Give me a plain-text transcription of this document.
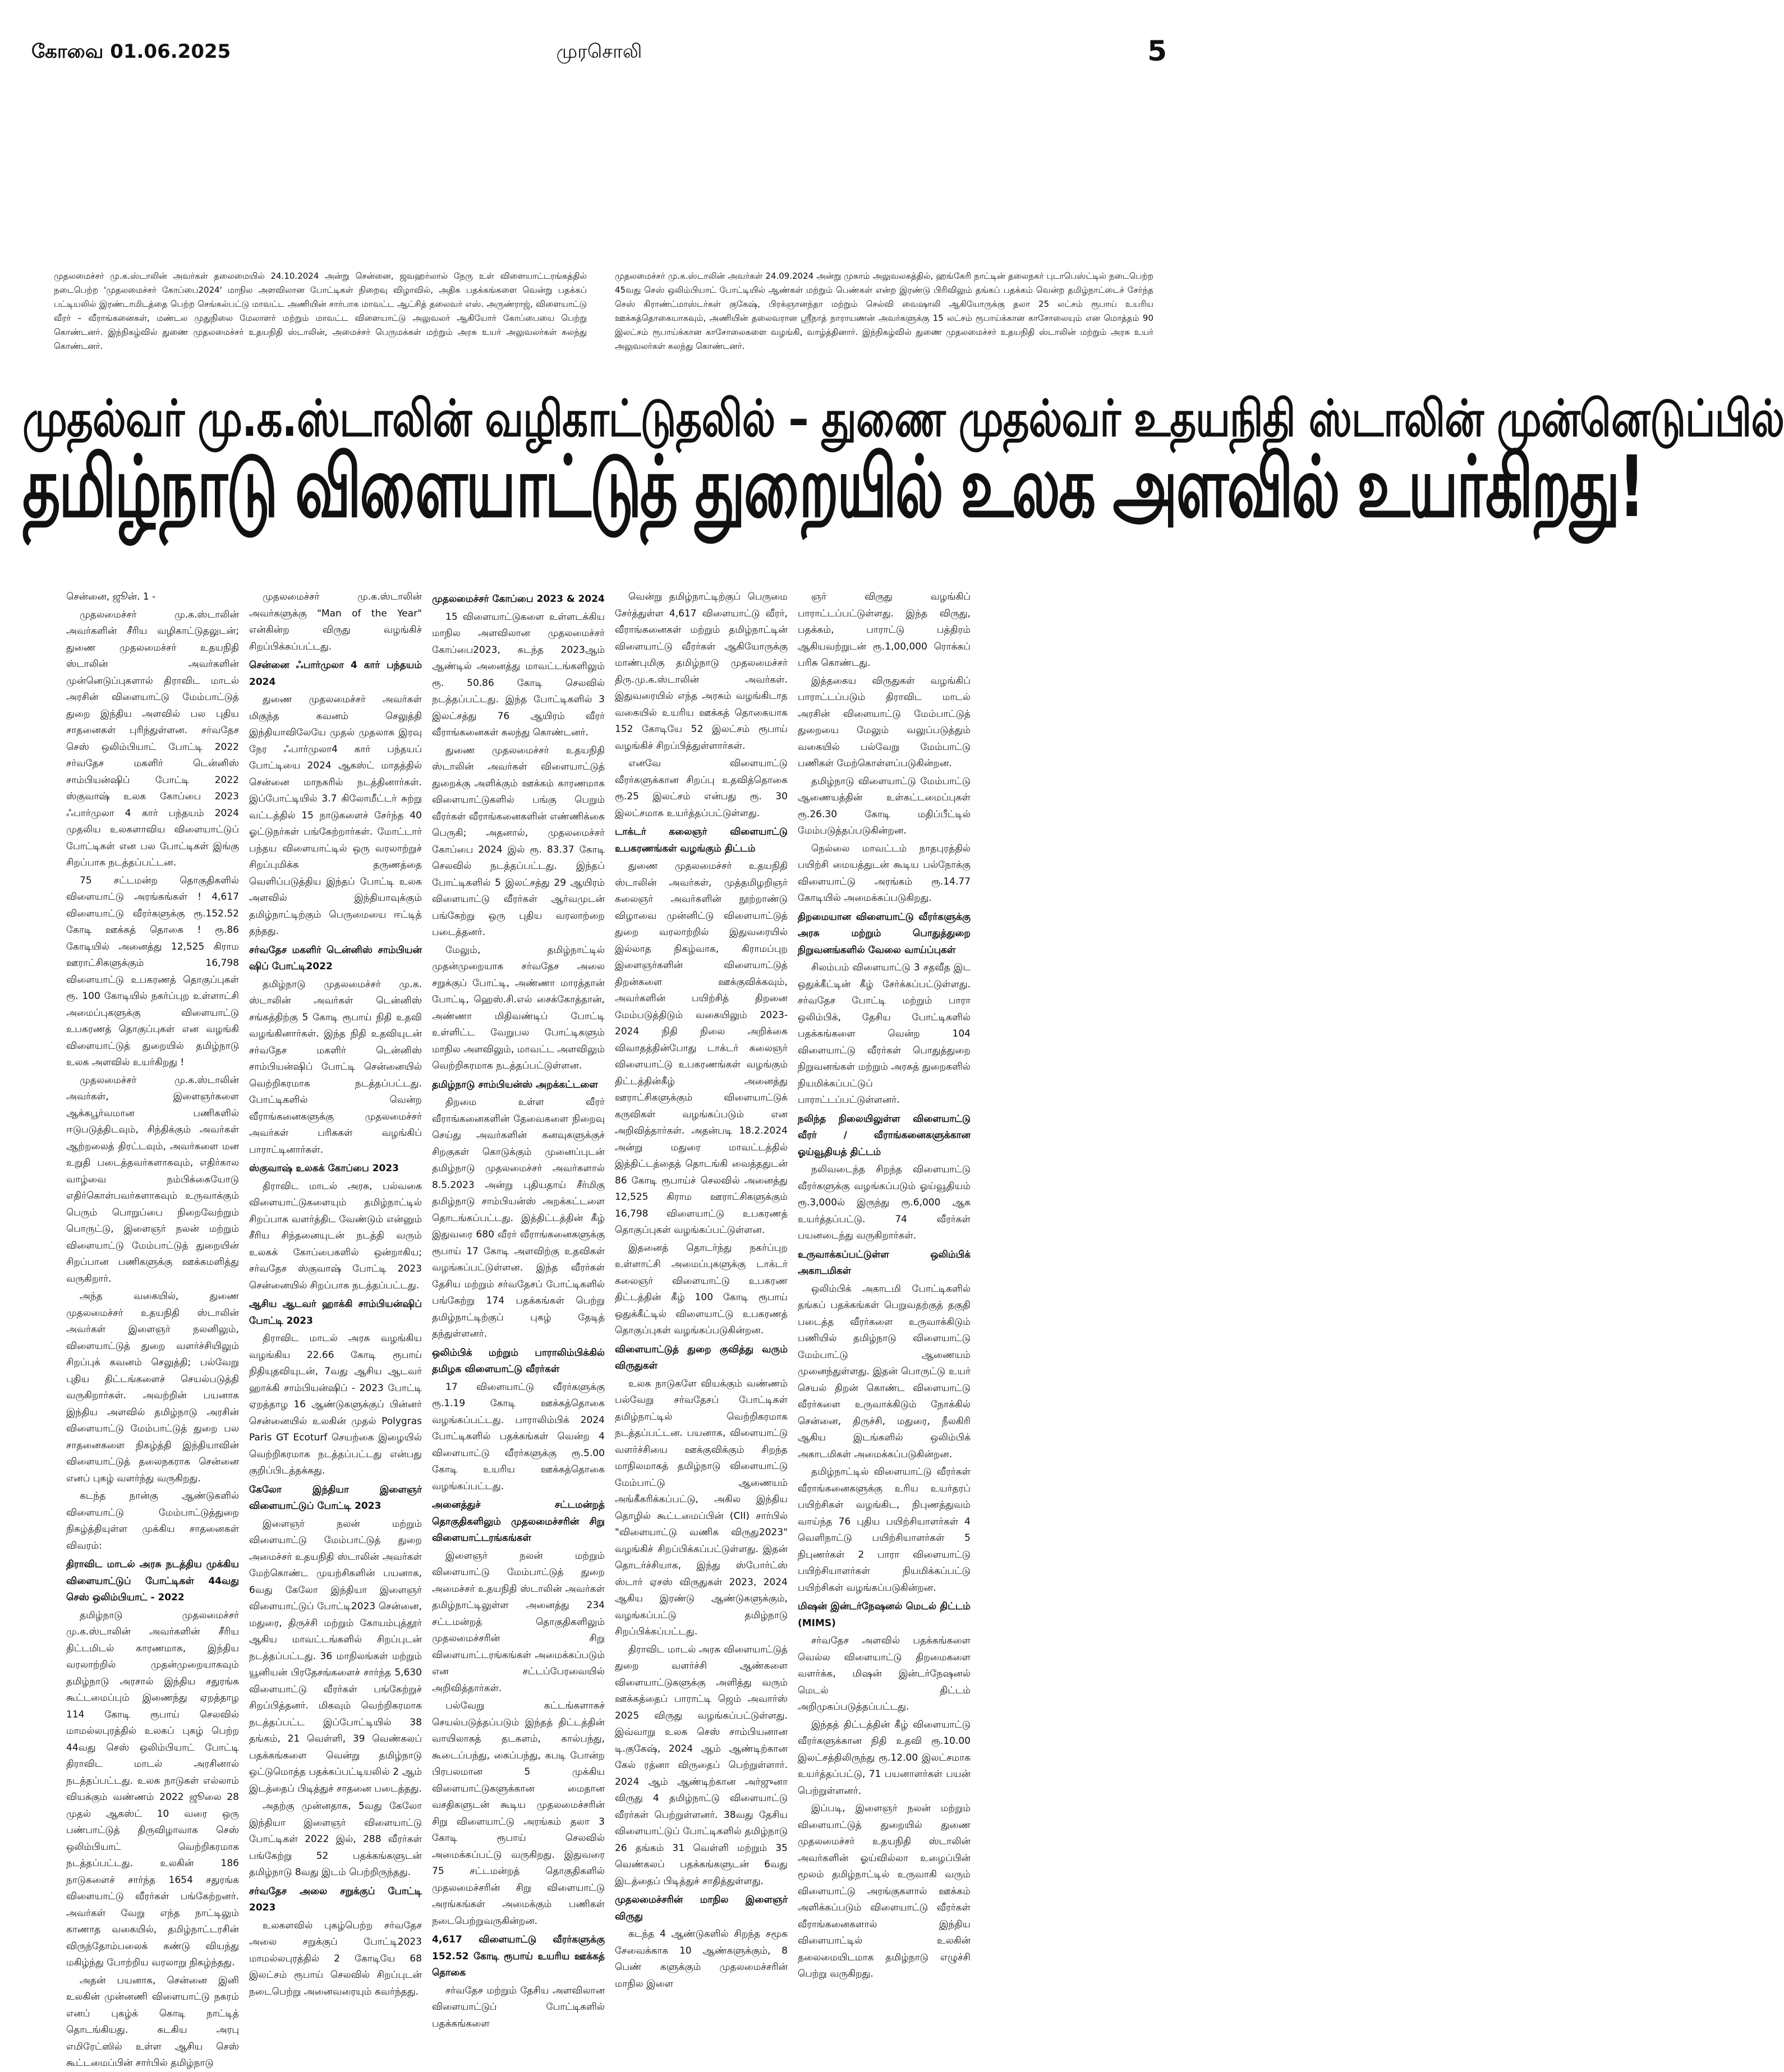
கோவை 01.06.2025	முரசொலி	5
முதலமைச்சர் மு.க.ஸ்டாலின் அவர்கள் தலைமையில் 24.10.2024 அன்று சென்னை, ஜவஹர்லால் நேரு உள் விளையாட்டரங்கத்தில் நடைபெற்ற 'முதலமைச்சர் கோப்பை2024' மாநில அளவிலான போட்டிகள் நிறைவு விழாவில், அதிக பதக்கங்களை வென்று பதக்கப் பட்டியலில் இரண்டாமிடத்தை பெற்ற செங்கல்பட்டு மாவட்ட அணியின் சார்பாக மாவட்ட ஆட்சித் தலைவர் எஸ். அருண்ராஜ், விளையாட்டு வீரர் – வீராங்கனைகள், மண்டல முதுநிலை மேலாளர் மற்றும் மாவட்ட விளையாட்டு அலுவலர் ஆகியோர் கோப்பையை பெற்று கொண்டனர். இந்நிகழ்வில் துணை முதலமைச்சர் உதயநிதி ஸ்டாலின், அமைச்சர் பெருமக்கள் மற்றும் அரசு உயர் அலுவலர்கள் கலந்து கொண்டனர்.
முதலமைச்சர் மு.க.ஸ்டாலின் அவர்கள் 24.09.2024 அன்று முகாம் அலுவலகத்தில், ஹங்கேரி நாட்டின் தலைநகர் புடாபெஸ்ட்டில் நடைபெற்ற 45வது செஸ் ஒலிம்பியாட் போட்டியில் ஆண்கள் மற்றும் பெண்கள் என்ற இரண்டு பிரிவிலும் தங்கப் பதக்கம் வென்ற தமிழ்நாட்டைச் சேர்ந்த செஸ் கிராண்ட்மாஸ்டர்கள் குகேஷ், பிரக்ஞானந்தா மற்றும் செல்வி வைஷாலி ஆகியோருக்கு தலா 25 லட்சம் ரூபாய் உயரிய ஊக்கத்தொகையாகவும், அணியின் தலைவரான ஸ்ரீநாத் நாராயணன் அவர்களுக்கு 15 லட்சம் ரூபாய்க்கான காசோலையும் என மொத்தம் 90 இலட்சம் ரூபாய்க்கான காசோலைகளை வழங்கி, வாழ்த்தினார். இந்நிகழ்வில் துணை முதலமைச்சர் உதயநிதி ஸ்டாலின் மற்றும் அரசு உயர் அலுவலர்கள் கலந்து கொண்டனர்.
முதல்வர் மு.க.ஸ்டாலின் வழிகாட்டுதலில் – துணை முதல்வர் உதயநிதி ஸ்டாலின் முன்னெடுப்பில்
தமிழ்நாடு விளையாட்டுத் துறையில் உலக அளவில் உயர்கிறது!

சென்னை, ஜூன். 1 -

முதலமைச்சர் மு.க.ஸ்டாலின் அவர்களின் சீரிய வழிகாட்டுதலுடன்; துணை முதலமைச்சர் உதயநிதி ஸ்டாலின் அவர்களின் முன்னெடுப்புகளால் திராவிட மாடல் அரசின் விளையாட்டு மேம்பாட்டுத் துறை இந்திய அளவில் பல புதிய சாதனைகள் புரிந்துள்ளன. சர்வதேச செஸ் ஒலிம்பியாட் போட்டி 2022 சர்வதேச மகளிர் டென்னிஸ் சாம்பியன்ஷிப் போட்டி 2022 ஸ்குவாஷ் உலக கோப்பை 2023 ஃபார்முலா 4 கார் பந்தயம் 2024 முதலிய உலகளாவிய விளையாட்டுப் போட்டிகள் என பல போட்டிகள் இங்கு சிறப்பாக நடத்தப்பட்டன.

75 சட்டமன்ற தொகுதிகளில் விளையாட்டு அரங்கங்கள் ! 4,617 விளையாட்டு வீரர்களுக்கு ரூ.152.52 கோடி ஊக்கத் தொகை ! ரூ.86 கோடியில் அனைத்து 12,525 கிராம ஊராட்சிகளுக்கும் 16,798 விளையாட்டு உபகரணத் தொகுப்புகள் ரூ. 100 கோடியில் நகர்ப்புற உள்ளாட்சி அமைப்புகளுக்கு விளையாட்டு உபகரணத் தொகுப்புகள் என வழங்கி விளையாட்டுத் துறையில் தமிழ்நாடு உலக அளவில் உயர்கிறது !

முதலமைச்சர் மு.க.ஸ்டாலின் அவர்கள், இளைஞர்களை ஆக்கபூர்வமான பணிகளில் ஈடுபடுத்திடவும், சிந்திக்கும் அவர்கள் ஆற்றலைத் திரட்டவும், அவர்களை மன உறுதி படைத்தவர்களாகவும், எதிர்கால வாழ்வை நம்பிக்கையோடு எதிர்கொள்பவர்களாகவும் உருவாக்கும் பெரும் பொறுப்பை நிறைவேற்றும் பொருட்டு, இளைஞர் நலன் மற்றும் விளையாட்டு மேம்பாட்டுத் துறையின் சிறப்பான பணிகளுக்கு ஊக்கமளித்து வருகிறார்.

அந்த வகையில், துணை முதலமைச்சர் உதயநிதி ஸ்டாலின் அவர்கள் இளைஞர் நலனிலும், விளையாட்டுத் துறை வளர்ச்சியிலும் சிறப்புக் கவனம் செலுத்தி; பல்வேறு புதிய திட்டங்களைச் செயல்படுத்தி வருகிறார்கள். அவற்றின் பயனாக இந்திய அளவில் தமிழ்நாடு அரசின் விளையாட்டு மேம்பாட்டுத் துறை பல சாதனைகளை நிகழ்த்தி இந்தியாவின் விளையாட்டுத் தலைநகராக சென்னை எனப் புகழ் வளர்ந்து வருகிறது.

கடந்த நான்கு ஆண்டுகளில் விளையாட்டு மேம்பாட்டுத்துறை நிகழ்த்தியுள்ள முக்கிய சாதனைகள் விவரம்:

திராவிட மாடல் அரசு நடத்திய முக்கிய விளையாட்டுப் போட்டிகள் 44வது செஸ் ஒலிம்பியாட் - 2022

தமிழ்நாடு முதலமைச்சர் மு.க.ஸ்டாலின் அவர்களின் சீரிய திட்டமிடல் காரணமாக, இந்திய வரலாற்றில் முதன்முறையாகவும் தமிழ்நாடு அரசால் இந்திய சதுரங்க கூட்டமைப்பும் இணைந்து ஏறத்தாழ 114 கோடி ரூபாய் செலவில் மாமல்லபுரத்தில் உலகப் புகழ் பெற்ற 44வது செஸ் ஒலிம்பியாட் போட்டி திராவிட மாடல் அரசினால் நடத்தப்பட்டது. உலக நாடுகள் எல்லாம் வியக்கும் வண்ணம் 2022 ஜூலை 28 முதல் ஆகஸ்ட் 10 வரை ஒரு பண்பாட்டுத் திருவிழாவாக செஸ் ஒலிம்பியாட் வெற்றிகரமாக நடத்தப்பட்டது. உலகின் 186 நாடுகளைச் சார்ந்த 1654 சதுரங்க விளையாட்டு வீரர்கள் பங்கேற்றனர். அவர்கள் வேறு எந்த நாட்டிலும் காணாத வகையில், தமிழ்நாட்டரசின் விருந்தோம்பலைக் கண்டு வியந்து மகிழ்ந்து போற்றிய வரலாறு நிகழ்ந்தது.

அதன் பயனாக, சென்னை இனி உலகின் முன்னணி விளையாட்டு நகரம் எனப் புகழ்க் கொடி நாட்டித் தொடங்கியது. கடகிய அரபு எமிரேட்ஸில் உள்ள ஆசிய செஸ் கூட்டமைப்பின் சார்பில் தமிழ்நாடு

முதலமைச்சர் மு.க.ஸ்டாலின் அவர்களுக்கு "Man of the Year" என்கின்ற விருது வழங்கிச் சிறப்பிக்கப்பட்டது.

சென்னை ஃபார்முலா 4 கார் பந்தயம் 2024

துணை முதலமைச்சர் அவர்கள் மிகுந்த கவனம் செலுத்தி இந்தியாவிலேயே முதல் முதலாக இரவு நேர ஃபார்முலா4 கார் பந்தயப் போட்டியை 2024 ஆகஸ்ட் மாதத்தில் சென்னை மாநகரில் நடத்தினார்கள். இப்போட்டியில் 3.7 கிலோமீட்டர் சுற்று வட்டத்தில் 15 நாடுகளைச் சேர்ந்த 40 ஓட்டுநர்கள் பங்கேற்றார்கள். மோட்டார் பந்தய விளையாட்டில் ஒரு வரலாற்றுச் சிறப்புமிக்க தருணத்தை வெளிப்படுத்திய இந்தப் போட்டி உலக அளவில் இந்தியாவுக்கும் தமிழ்நாட்டிற்கும் பெருமையை ஈட்டித் தந்தது.

சர்வதேச மகளிர் டென்னிஸ் சாம்பியன் ஷிப் போட்டி2022

தமிழ்நாடு முதலமைச்சர் மு.க. ஸ்டாலின் அவர்கள் டென்னிஸ் சங்கத்திற்கு 5 கோடி ரூபாய் நிதி உதவி வழங்கினார்கள். இந்த நிதி உதவியுடன் சர்வதேச மகளிர் டென்னிஸ் சாம்பியன்ஷிப் போட்டி சென்னையில் வெற்றிகரமாக நடத்தப்பட்டது. போட்டிகளில் வென்ற வீராங்கனைகளுக்கு முதலமைச்சர் அவர்கள் பரிசுகள் வழங்கிப் பாராட்டினார்கள்.

ஸ்குவாஷ் உலகக் கோப்பை 2023

திராவிட மாடல் அரசு, பல்வகை விளையாட்டுகளையும் தமிழ்நாட்டில் சிறப்பாக வளர்த்திட வேண்டும் என்னும் சீரிய சிந்தனையுடன் நடத்தி வரும் உலகக் கோப்பைகளில் ஒன்றாகிய; சர்வதேச ஸ்குவாஷ் போட்டி 2023 சென்னையில் சிறப்பாக நடத்தப்பட்டது.

ஆசிய ஆடவர் ஹாக்கி சாம்பியன்ஷிப் போட்டி 2023

திராவிட மாடல் அரசு வழங்கிய வழங்கிய 22.66 கோடி ரூபாய் நிதியுதவியுடன், 7வது ஆசிய ஆடவர் ஹாக்கி சாம்பியன்ஷிப் - 2023 போட்டி ஏறத்தாழ 16 ஆண்டுகளுக்குப் பின்னர் சென்னையில் உலகின் முதல் Polygras Paris GT Ecoturf செயற்கை இழையில் வெற்றிகரமாக நடத்தப்பட்டது என்பது குறிப்பிடத்தக்கது.

கேலோ இந்தியா இளைஞர் விளையாட்டுப் போட்டி 2023

இளைஞர் நலன் மற்றும் விளையாட்டு மேம்பாட்டுத் துறை அமைச்சர் உதயநிதி ஸ்டாலின் அவர்கள் மேற்கொண்ட முயற்சிகளின் பயனாக, 6வது கேலோ இந்தியா இளைஞர் விளையாட்டுப் போட்டி2023 சென்னை, மதுரை, திருச்சி மற்றும் கோயம்புத்தூர் ஆகிய மாவட்டங்களில் சிறப்புடன் நடத்தப்பட்டது. 36 மாநிலங்கள் மற்றும் யூனியன் பிரதேசங்களைச் சார்ந்த 5,630 விளையாட்டு வீரர்கள் பங்கேற்றுச் சிறப்பித்தனர். மிகவும் வெற்றிகரமாக நடத்தப்பட்ட இப்போட்டியில் 38 தங்கம், 21 வெள்ளி, 39 வெண்கலப் பதக்கங்களை வென்று தமிழ்நாடு ஒட்டுமொத்த பதக்கப்பட்டியலில் 2 ஆம் இடத்தைப் பிடித்துச் சாதனை படைத்தது.

அதற்கு முன்னதாக, 5வது கேலோ இந்தியா இளைஞர் விளையாட்டு போட்டிகள் 2022 இல், 288 வீரர்கள் பங்கேற்று 52 பதக்கங்களுடன் தமிழ்நாடு 8வது இடம் பெற்றிருந்தது.

சர்வதேச அலை சறுக்குப் போட்டி 2023

உலகளவில் புகழ்பெற்ற சர்வதேச அலை சறுக்குப் போட்டி2023 மாமல்லபுரத்தில் 2 கோடியே 68 இலட்சம் ரூபாய் செலவில் சிறப்புடன் நடைபெற்று அனைவரையும் கவர்ந்தது.

முதலமைச்சர் கோப்பை 2023 & 2024

15 விளையாட்டுகளை உள்ளடக்கிய மாநில அளவிலான முதலமைச்சர் கோப்பை2023, கடந்த 2023ஆம் ஆண்டில் அனைத்து மாவட்டங்களிலும் ரூ. 50.86 கோடி செலவில் நடத்தப்பட்டது. இந்த போட்டிகளில் 3 இலட்சத்து 76 ஆயிரம் வீரர் வீராங்கனைகள் கலந்து கொண்டனர்.

துணை முதலமைச்சர் உதயநிதி ஸ்டாலின் அவர்கள் விளையாட்டுத் துறைக்கு அளிக்கும் ஊக்கம் காரணமாக விளையாட்டுகளில் பங்கு பெறும் வீரர்கள் வீராங்கனைகளின் எண்ணிக்கை பெருகி; அதனால், முதலமைச்சர் கோப்பை 2024 இல் ரூ. 83.37 கோடி செலவில் நடத்தப்பட்டது. இந்தப் போட்டிகளில் 5 இலட்சத்து 29 ஆயிரம் விளையாட்டு வீரர்கள் ஆர்வமுடன் பங்கேற்று ஒரு புதிய வரலாற்றை படைத்தனர்.

மேலும், தமிழ்நாட்டில் முதன்முறையாக சர்வதேச அலை சறுக்குப் போட்டி, அண்ணா மாரத்தான் போட்டி, ஹெஸ்.சி.எல் சைக்கோத்தான், அண்ணா மிதிவண்டிப் போட்டி உள்ளிட்ட வேறுபல போட்டிகளும் மாநில அளவிலும், மாவட்ட அளவிலும் வெற்றிகரமாக நடத்தப்பட்டுள்ளன.

தமிழ்நாடு சாம்பியன்ஸ் அறக்கட்டளை

திறமை உள்ள வீரர் வீராங்கனைகளின் தேவைகளை நிறைவு செய்து அவர்களின் கனவுகளுக்குச் சிறகுகள் கொடுக்கும் முனைப்புடன் தமிழ்நாடு முதலமைச்சர் அவர்களால் 8.5.2023 அன்று புதியதாய் சீர்மிகு தமிழ்நாடு சாம்பியன்ஸ் அறக்கட்டளை தொடங்கப்பட்டது. இத்திட்டத்தின் கீழ் இதுவரை 680 வீரர் வீராங்கனைகளுக்கு ரூபாய் 17 கோடி அளவிற்கு உதவிகள் வழங்கப்பட்டுள்ளன. இந்த வீரர்கள் தேசிய மற்றும் சர்வதேசப் போட்டிகளில் பங்கேற்று 174 பதக்கங்கள் பெற்று தமிழ்நாட்டிற்குப் புகழ் தேடித் தந்துள்ளனர்.

ஒலிம்பிக் மற்றும் பாராலிம்பிக்கில் தமிழக விளையாட்டு வீரர்கள்

17 விளையாட்டு வீரர்களுக்கு ரூ.1.19 கோடி ஊக்கத்தொகை வழங்கப்பட்டது. பாராலிம்பிக் 2024 போட்டிகளில் பதக்கங்கள் வென்ற 4 விளையாட்டு வீரர்களுக்கு ரூ.5.00 கோடி உயரிய ஊக்கத்தொகை வழங்கப்பட்டது.

அனைத்துச் சட்டமன்றத் தொகுதிகளிலும் முதலமைச்சரின் சிறு விளையாட்டரங்கங்கள்

இளைஞர் நலன் மற்றும் விளையாட்டு மேம்பாட்டுத் துறை அமைச்சர் உதயநிதி ஸ்டாலின் அவர்கள் தமிழ்நாட்டிலுள்ள அனைத்து 234 சட்டமன்றத் தொகுதிகளிலும் முதலமைச்சரின் சிறு விளையாட்டரங்கங்கள் அமைக்கப்படும் என சட்டப்பேரவையில் அறிவித்தார்கள்.

பல்வேறு கட்டங்களாகச் செயல்படுத்தப்படும் இந்தத் திட்டத்தின் வாயிலாகத் தடகளம், கால்பந்து, கூடைப்பந்து, கைப்பந்து, கபடி போன்ற பிரபலமான 5 முக்கிய விளையாட்டுகளுக்கான மைதான வசதிகளுடன் கூடிய முதலமைச்சரின் சிறு விளையாட்டு அரங்கம் தலா 3 கோடி ரூபாய் செலவில் அமைக்கப்பட்டு வருகிறது. இதுவரை 75 சட்டமன்றத் தொகுதிகளில் முதலமைச்சரின் சிறு விளையாட்டு அரங்கங்கள் அமைக்கும் பணிகள் நடைபெற்றுவருகின்றன.

4,617 விளையாட்டு வீரர்களுக்கு 152.52 கோடி ரூபாய் உயரிய ஊக்கத் தொகை

சர்வதேச மற்றும் தேசிய அளவிலான விளையாட்டுப் போட்டிகளில் பதக்கங்களை

வென்று தமிழ்நாட்டிற்குப் பெருமை சேர்த்துள்ள 4,617 விளையாட்டு வீரர், வீராங்கனைகள் மற்றும் தமிழ்நாட்டின் விளையாட்டு வீரர்கள் ஆகியோருக்கு மாண்புமிகு தமிழ்நாடு முதலமைச்சர் திரு.மு.க.ஸ்டாலின் அவர்கள். இதுவரையில் எந்த அரசும் வழங்கிடாத வகையில் உயரிய ஊக்கத் தொகையாக 152 கோடியே 52 இலட்சம் ரூபாய் வழங்கிச் சிறப்பித்துள்ளார்கள்.

எனவே விளையாட்டு வீரர்களுக்கான சிறப்பு உதவித்தொகை ரூ.25 இலட்சம் என்பது ரூ. 30 இலட்சமாக உயர்த்தப்பட்டுள்ளது.

டாக்டர் கலைஞர் விளையாட்டு உபகரணங்கள் வழங்கும் திட்டம்

துணை முதலமைச்சர் உதயநிதி ஸ்டாலின் அவர்கள், முத்தமிழறிஞர் கலைஞர் அவர்களின் நூற்றாண்டு விழாவை முன்னிட்டு விளையாட்டுத் துறை வரலாற்றில் இதுவரையில் இல்லாத நிகழ்வாக, கிராமப்புற இளைஞர்களின் விளையாட்டுத் திறன்களை ஊக்குவிக்கவும், அவர்களின் பயிற்சித் திறனை மேம்படுத்திடும் வகையிலும் 2023-2024 நிதி நிலை அறிக்கை விவாதத்தின்போது டாக்டர் கலைஞர் விளையாட்டு உபகரணங்கள் வழங்கும் திட்டத்தின்கீழ் அனைத்து ஊராட்சிகளுக்கும் விளையாட்டுக் கருவிகள் வழங்கப்படும் என அறிவித்தார்கள். அதன்படி 18.2.2024 அன்று மதுரை மாவட்டத்தில் இத்திட்டத்தைத் தொடங்கி வைத்ததுடன் 86 கோடி ரூபாய்ச் செலவில் அனைத்து 12,525 கிராம ஊராட்சிகளுக்கும் 16,798 விளையாட்டு உபகரணத் தொகுப்புகள் வழங்கப்பட்டுள்ளன.

இதனைத் தொடர்ந்து நகர்ப்புற உள்ளாட்சி அமைப்புகளுக்கு டாக்டர் கலைஞர் விளையாட்டு உபகரண திட்டத்தின் கீழ் 100 கோடி ரூபாய் ஒதுக்கீட்டில் விளையாட்டு உபகரணத் தொகுப்புகள் வழங்கப்படுகின்றன.

விளையாட்டுத் துறை குவித்து வரும் விருதுகள்

உலக நாடுகளே வியக்கும் வண்ணம் பல்வேறு சர்வதேசப் போட்டிகள் தமிழ்நாட்டில் வெற்றிகரமாக நடத்தப்பட்டன. பயனாக, விளையாட்டு வளர்ச்சியை ஊக்குவிக்கும் சிறந்த மாநிலமாகத் தமிழ்நாடு விளையாட்டு மேம்பாட்டு ஆணையம் அங்கீகரிக்கப்பட்டு, அகில இந்திய தொழில் கூட்டமைப்பின் (CII) சார்பில் "விளையாட்டு வணிக விருது2023" வழங்கிச் சிறப்பிக்கப்பட்டுள்ளது. இதன் தொடர்ச்சியாக, இந்து ஸ்போர்ட்ஸ் ஸ்டார் ஏசஸ் விருதுகள் 2023, 2024 ஆகிய இரண்டு ஆண்டுகளுக்கும், வழங்கப்பட்டு தமிழ்நாடு சிறப்பிக்கப்பட்டது.

திராவிட மாடல் அரசு விளையாட்டுத் துறை வளர்ச்சி ஆண்களை விளையாட்டுகளுக்கு அளித்து வரும் ஊக்கத்தைப் பாராட்டி ஜெம் அவார்ஸ் 2025 விருது வழங்கப்பட்டுள்ளது. இவ்வாறு உலக செஸ் சாம்பியனான டி.குகேஷ், 2024 ஆம் ஆண்டிற்கான கேல் ரத்னா விருதைப் பெற்றுள்ளார். 2024 ஆம் ஆண்டிற்கான அர்ஜுனா விருது 4 தமிழ்நாட்டு விளையாட்டு வீரர்கள் பெற்றுள்ளனர். 38வது தேசிய விளையாட்டுப் போட்டிகளில் தமிழ்நாடு 26 தங்கம் 31 வெள்ளி மற்றும் 35 வெண்கலப் பதக்கங்களுடன் 6வது இடத்தைப் பிடித்துச் சாதித்துள்ளது.

முதலமைச்சரின் மாநில இளைஞர் விருது

கடந்த 4 ஆண்டுகளில் சிறந்த சமூக சேவைக்காக 10 ஆண்களுக்கும், 8 பெண் களுக்கும் முதலமைச்சரின் மாநில இளை

ஞர் விருது வழங்கிப் பாராட்டப்பட்டுள்ளது. இந்த விருது, பதக்கம், பாராட்டு பத்திரம் ஆகியவற்றுடன் ரூ.1,00,000 ரொக்கப் பரிசு கொண்டது.

இத்தகைய விருதுகள் வழங்கிப் பாராட்டப்படும் திராவிட மாடல் அரசின் விளையாட்டு மேம்பாட்டுத் துறையை மேலும் வலுப்படுத்தும் வகையில் பல்வேறு மேம்பாட்டு பணிகள் மேற்கொள்ளப்படுகின்றன.

தமிழ்நாடு விளையாட்டு மேம்பாட்டு ஆணையத்தின் உள்கட்டமைப்புகள் ரூ.26.30 கோடி மதிப்பீட்டில் மேம்படுத்தப்படுகின்றன.

நெல்லை மாவட்டம் நாதபுரத்தில் பயிற்சி மையத்துடன் கூடிய பல்நோக்கு விளையாட்டு அரங்கம் ரூ.14.77 கோடியில் அமைக்கப்படுகிறது.

திறமையான விளையாட்டு வீரர்களுக்கு அரசு மற்றும் பொதுத்துறை நிறுவனங்களில் வேலை வாய்ப்புகள்

சிலம்பம் விளையாட்டு 3 சதவீத இட ஒதுக்கீட்டின் கீழ் சேர்க்கப்பட்டுள்ளது. சர்வதேச போட்டி மற்றும் பாரா ஒலிம்பிக், தேசிய போட்டிகளில் பதக்கங்களை வென்ற 104 விளையாட்டு வீரர்கள் பொதுத்துறை நிறுவனங்கள் மற்றும் அரசுத் துறைகளில் நியமிக்கப்பட்டுப் பாராட்டப்பட்டுள்ளனர்.

நலிந்த நிலையிலுள்ள விளையாட்டு வீரர் / வீராங்கனைகளுக்கான ஓய்வூதியத் திட்டம்

நலிவடைந்த சிறந்த விளையாட்டு வீரர்களுக்கு வழங்கப்படும் ஓய்வூதியம் ரூ.3,000ல் இருந்து ரூ.6,000 ஆக உயர்த்தப்பட்டு. 74 வீரர்கள் பயனடைந்து வருகிறார்கள்.

உருவாக்கப்பட்டுள்ள ஒலிம்பிக் அகாடமிகள்

ஒலிம்பிக் அகாடமி போட்டிகளில் தங்கப் பதக்கங்கள் பெறுவதற்குத் தகுதி படைத்த வீரர்களை உருவாக்கிடும் பணியில் தமிழ்நாடு விளையாட்டு மேம்பாட்டு ஆணையம் முனைந்துள்ளது. இதன் பொருட்டு உயர் செயல் திறன் கொண்ட விளையாட்டு வீரர்களை உருவாக்கிடும் நோக்கில் சென்னை, திருச்சி, மதுரை, நீலகிரி ஆகிய இடங்களில் ஒலிம்பிக் அகாடமிகள் அமைக்கப்படுகின்றன.

தமிழ்நாட்டில் விளையாட்டு வீரர்கள் வீராங்கனைகளுக்கு உரிய உயர்தரப் பயிற்சிகள் வழங்கிட, நிபுணத்துவம் வாய்ந்த 76 புதிய பயிற்சியாளர்கள் 4 வெளிநாட்டு பயிற்சியாளர்கள் 5 நிபுணர்கள் 2 பாரா விளையாட்டு பயிற்சியாளர்கள் நியமிக்கப்பட்டு பயிற்சிகள் வழங்கப்படுகின்றன.

மிஷன் இன்டர்நேஷனல் மெடல் திட்டம் (MIMS)

சர்வதேச அளவில் பதக்கங்களை வெல்ல விளையாட்டு திறமைகளை வளர்க்க, மிஷன் இன்டர்நேஷனல் மெடல் திட்டம் அறிமுகப்படுத்தப்பட்டது.

இந்தத் திட்டத்தின் கீழ் விளையாட்டு வீரர்களுக்கான நிதி உதவி ரூ.10.00 இலட்சத்திலிருந்து ரூ.12.00 இலட்சமாக உயர்த்தப்பட்டு, 71 பயனாளர்கள் பயன் பெற்றுள்ளனர்.

இப்படி, இளைஞர் நலன் மற்றும் விளையாட்டுத் துறையில் துணை முதலமைச்சர் உதயநிதி ஸ்டாலின் அவர்களின் ஓய்வில்லா உழைப்பின் மூலம் தமிழ்நாட்டில் உருவாகி வரும் விளையாட்டு அரங்குகளால் ஊக்கம் அளிக்கப்படும் விளையாட்டு வீரர்கள் வீராங்கனைகளால் இந்திய விளையாட்டில் உலகின் தலைமையிடமாக தமிழ்நாடு எழுச்சி பெற்று வருகிறது.
